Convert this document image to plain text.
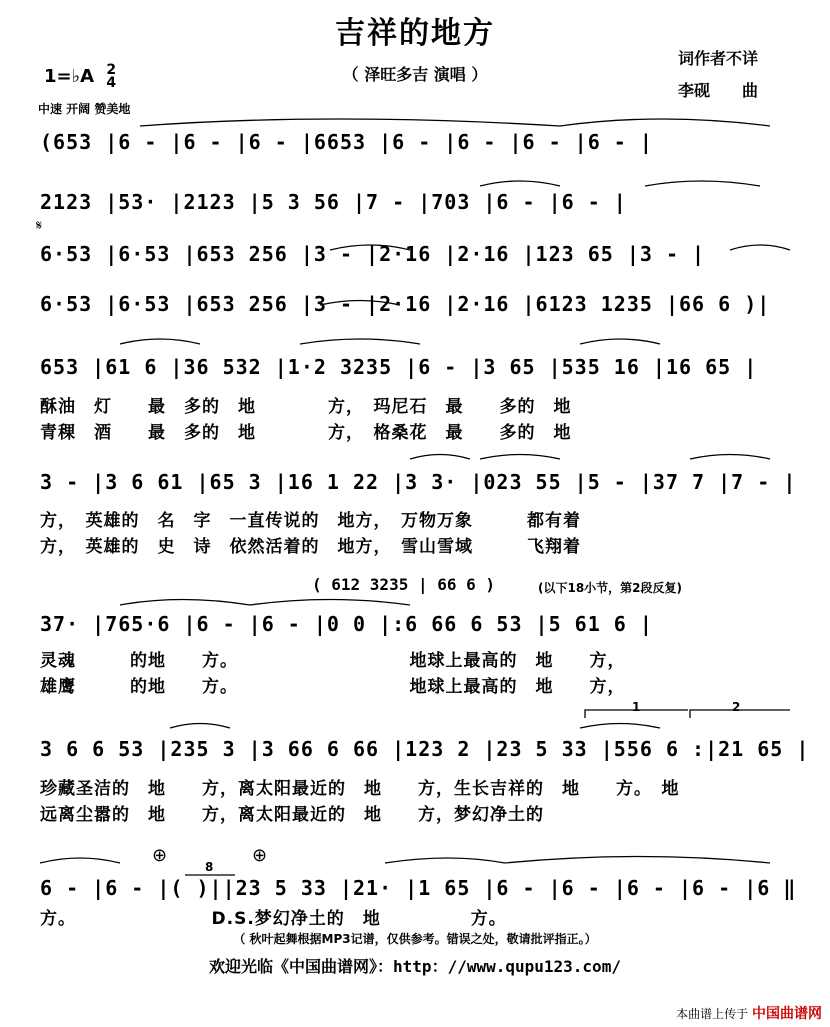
吉祥的地方
（ 泽旺多吉 演唱 ）
词作者不详
李砚　　曲
1=♭A 2
4
中速 开阔 赞美地
(653 |6 - |6 - |6 - |6653 |6 - |6 - |6 - |6 - |
2123 |53· |2123 |5 3 56 |7 - |703 |6 - |6 - |
𝄋
6·53 |6·53 |653 256 |3 - |2·16 |2·16 |123 65 |3 - |
6·53 |6·53 |653 256 |3 - |2·16 |2·16 |6123 1235 |66 6 )|
653 |61 6 |36 532 |1·2 3235 |6 - |3 65 |535 16 |16 65 |
酥油　灯　　最　多的　地　　　　方，　玛尼石　最　　多的　地
青稞　酒　　最　多的　地　　　　方，　格桑花　最　　多的　地
3 - |3 6 61 |65 3 |16 1 22 |3 3· |023 55 |5 - |37 7 |7 - |
方，　英雄的　名　字　一直传说的　地方，　万物万象　　　都有着
方，　英雄的　史　诗　依然活着的　地方，　雪山雪域　　　飞翔着
( 612 3235 | 66 6 )	(以下18小节，第2段反复)
37· |765·6 |6 - |6 - |0 0 |:6 66 6 53 |5 61 6 |
灵魂　　　的地　　方。　　　　　　　　　　地球上最高的　地　　方，
雄鹰　　　的地　　方。　　　　　　　　　　地球上最高的　地　　方，
1	2
3 6 6 53 |235 3 |3 66 6 66 |123 2 |23 5 33 |556 6 :|21 65 |
珍藏圣洁的　地　　方，离太阳最近的　地　　方，生长吉祥的　地　　方。　地
远离尘嚣的　地　　方，离太阳最近的　地　　方，梦幻净土的
⊕	⊕
8
6 - |6 - |( )||23 5 33 |21· |1 65 |6 - |6 - |6 - |6 - |6 ‖
方。　　　　　　　　D.S.梦幻净土的　地　　　　　方。
（ 秋叶起舞根据MP3记谱，仅供参考。错误之处，敬请批评指正。）
欢迎光临《中国曲谱网》：http：//www.qupu123.com/
本曲谱上传于 中国曲谱网
